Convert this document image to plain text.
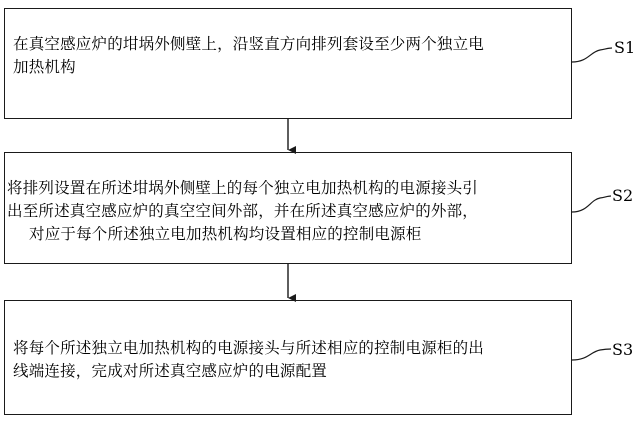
在真空感应炉的坩埚外侧壁上，沿竖直方向排列套设至少两个独立电
加热机构
将排列设置在所述坩埚外侧壁上的每个独立电加热机构的电源接头引
出至所述真空感应炉的真空空间外部，并在所述真空感应炉的外部，
对应于每个所述独立电加热机构均设置相应的控制电源柜
将每个所述独立电加热机构的电源接头与所述相应的控制电源柜的出
线端连接，完成对所述真空感应炉的电源配置
S1
S2
S3
